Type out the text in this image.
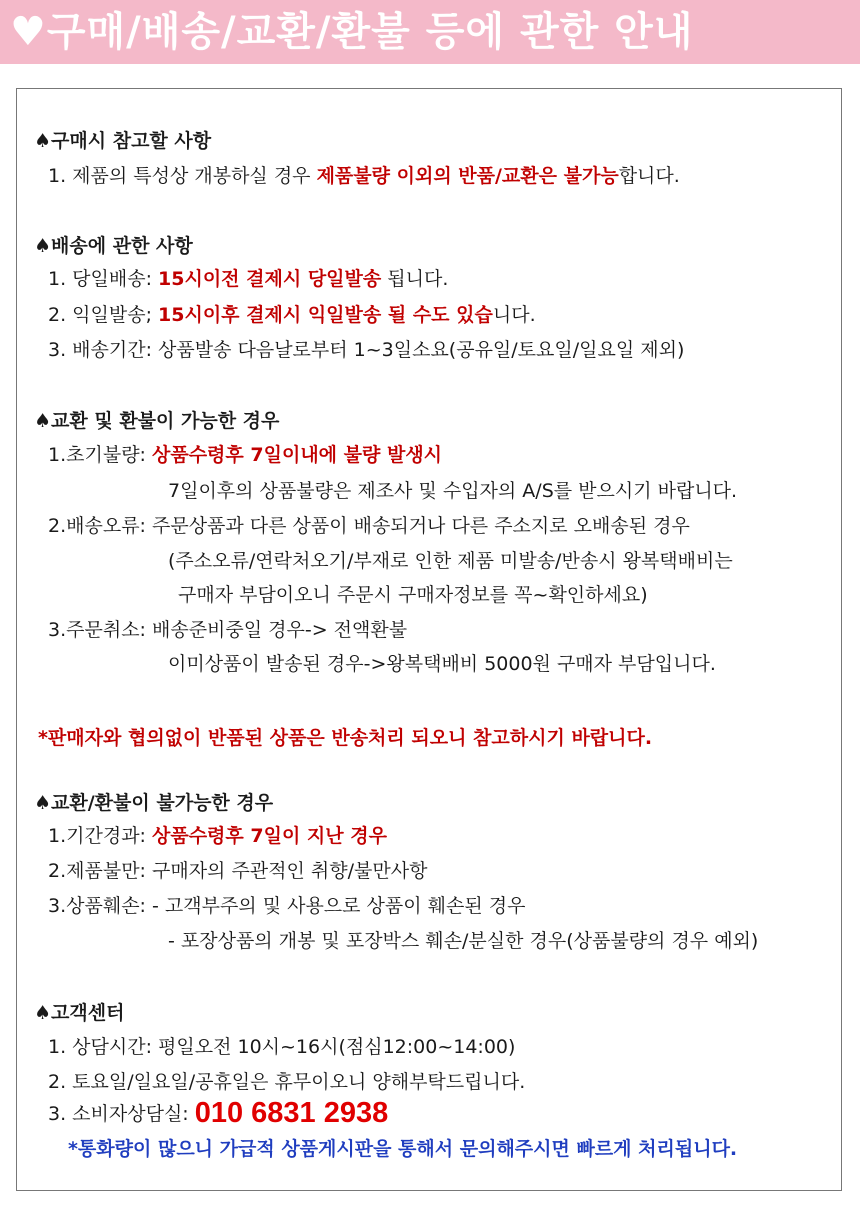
♥구매/배송/교환/환불 등에 관한 안내
♠구매시 참고할 사항
1. 제품의 특성상 개봉하실 경우 제품불량 이외의 반품/교환은 불가능합니다.
♠배송에 관한 사항
1. 당일배송: 15시이전 결제시 당일발송 됩니다.
2. 익일발송; 15시이후 결제시 익일발송 될 수도 있습니다.
3. 배송기간: 상품발송 다음날로부터 1~3일소요(공유일/토요일/일요일 제외)
♠교환 및 환불이 가능한 경우
1.초기불량: 상품수령후 7일이내에 불량 발생시
7일이후의 상품불량은 제조사 및 수입자의 A/S를 받으시기 바랍니다.
2.배송오류: 주문상품과 다른 상품이 배송되거나 다른 주소지로 오배송된 경우
(주소오류/연락처오기/부재로 인한 제품 미발송/반송시 왕복택배비는
구매자 부담이오니 주문시 구매자정보를 꼭~확인하세요)
3.주문취소: 배송준비중일 경우-> 전액환불
이미상품이 발송된 경우->왕복택배비 5000원 구매자 부담입니다.
*판매자와 협의없이 반품된 상품은 반송처리 되오니 참고하시기 바랍니다.
♠교환/환불이 불가능한 경우
1.기간경과: 상품수령후 7일이 지난 경우
2.제품불만: 구매자의 주관적인 취향/불만사항
3.상품훼손: - 고객부주의 및 사용으로 상품이 훼손된 경우
- 포장상품의 개봉 및 포장박스 훼손/분실한 경우(상품불량의 경우 예외)
♠고객센터
1. 상담시간: 평일오전 10시~16시(점심12:00~14:00)
2. 토요일/일요일/공휴일은 휴무이오니 양해부탁드립니다.
3. 소비자상담실: 010 6831 2938
*통화량이 많으니 가급적 상품게시판을 통해서 문의해주시면 빠르게 처리됩니다.
